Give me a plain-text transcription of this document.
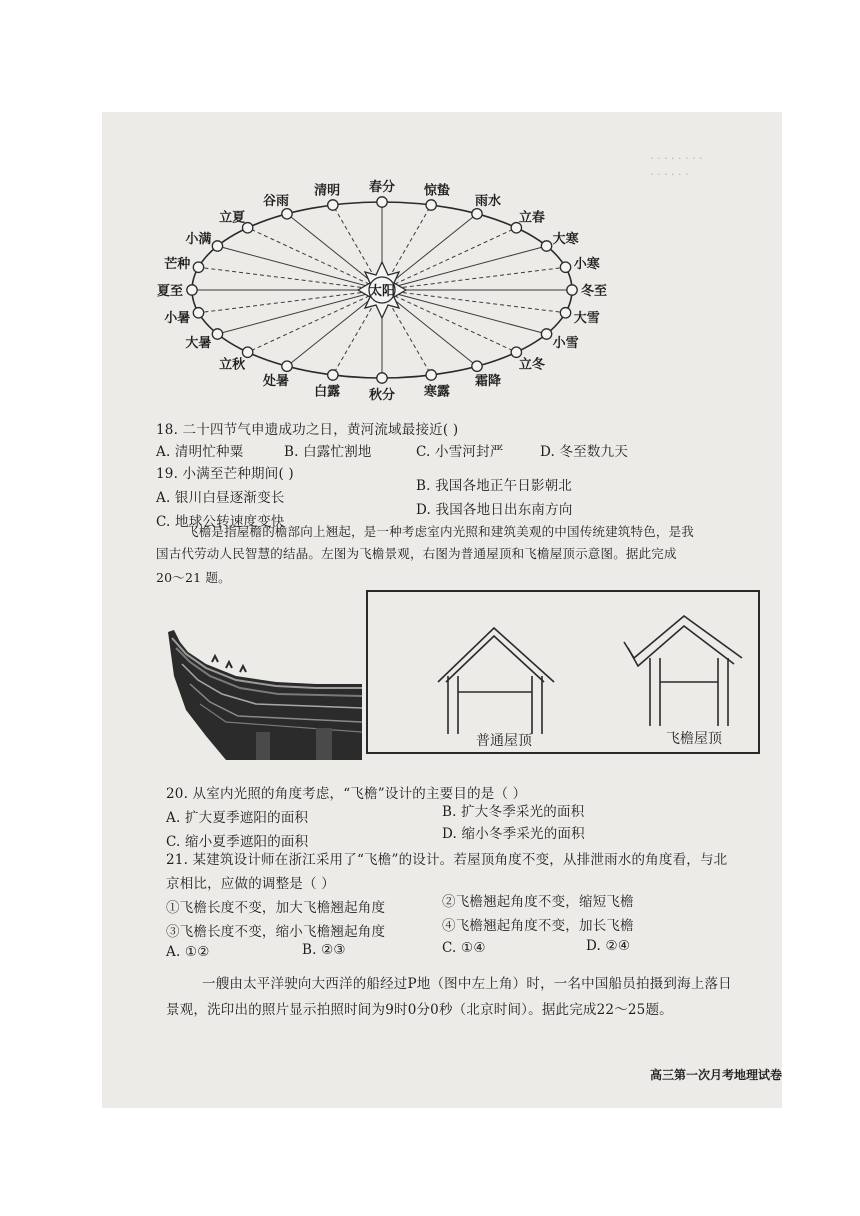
· · · · · · · ·
· · · · · ·
太阳
春分
清明
谷雨
立夏
小满
芒种
夏至
小暑
大暑
立秋
处暑
白露 秋分 寒露
霜降
立冬
小雪
大雪
冬至
小寒
大寒
立春
雨水
惊蛰
18. 二十四节气申遗成功之日，黄河流域最接近( )
A. 清明忙种粟	B. 白露忙割地	C. 小雪河封严	D. 冬至数九天
19. 小满至芒种期间( )
A. 银川白昼逐渐变长
B. 我国各地正午日影朝北
C. 地球公转速度变快
D. 我国各地日出东南方向
飞檐是指屋檐的檐部向上翘起，是一种考虑室内光照和建筑美观的中国传统建筑特色，是我
国古代劳动人民智慧的结晶。左图为飞檐景观，右图为普通屋顶和飞檐屋顶示意图。据此完成
20～21 题。
普通屋顶	飞檐屋顶
20. 从室内光照的角度考虑，“飞檐”设计的主要目的是（ ）
A. 扩大夏季遮阳的面积	B. 扩大冬季采光的面积
C. 缩小夏季遮阳的面积	D. 缩小冬季采光的面积
21. 某建筑设计师在浙江采用了“飞檐”的设计。若屋顶角度不变，从排泄雨水的角度看，与北
京相比，应做的调整是（ ）
①飞檐长度不变，加大飞檐翘起角度	②飞檐翘起角度不变，缩短飞檐
③飞檐长度不变，缩小飞檐翘起角度	④飞檐翘起角度不变，加长飞檐
A. ①②	B. ②③	C. ①④	D. ②④
一艘由太平洋驶向大西洋的船经过P地（图中左上角）时，一名中国船员拍摄到海上落日
景观，洗印出的照片显示拍照时间为9时0分0秒（北京时间）。据此完成22～25题。
高三第一次月考地理试卷
